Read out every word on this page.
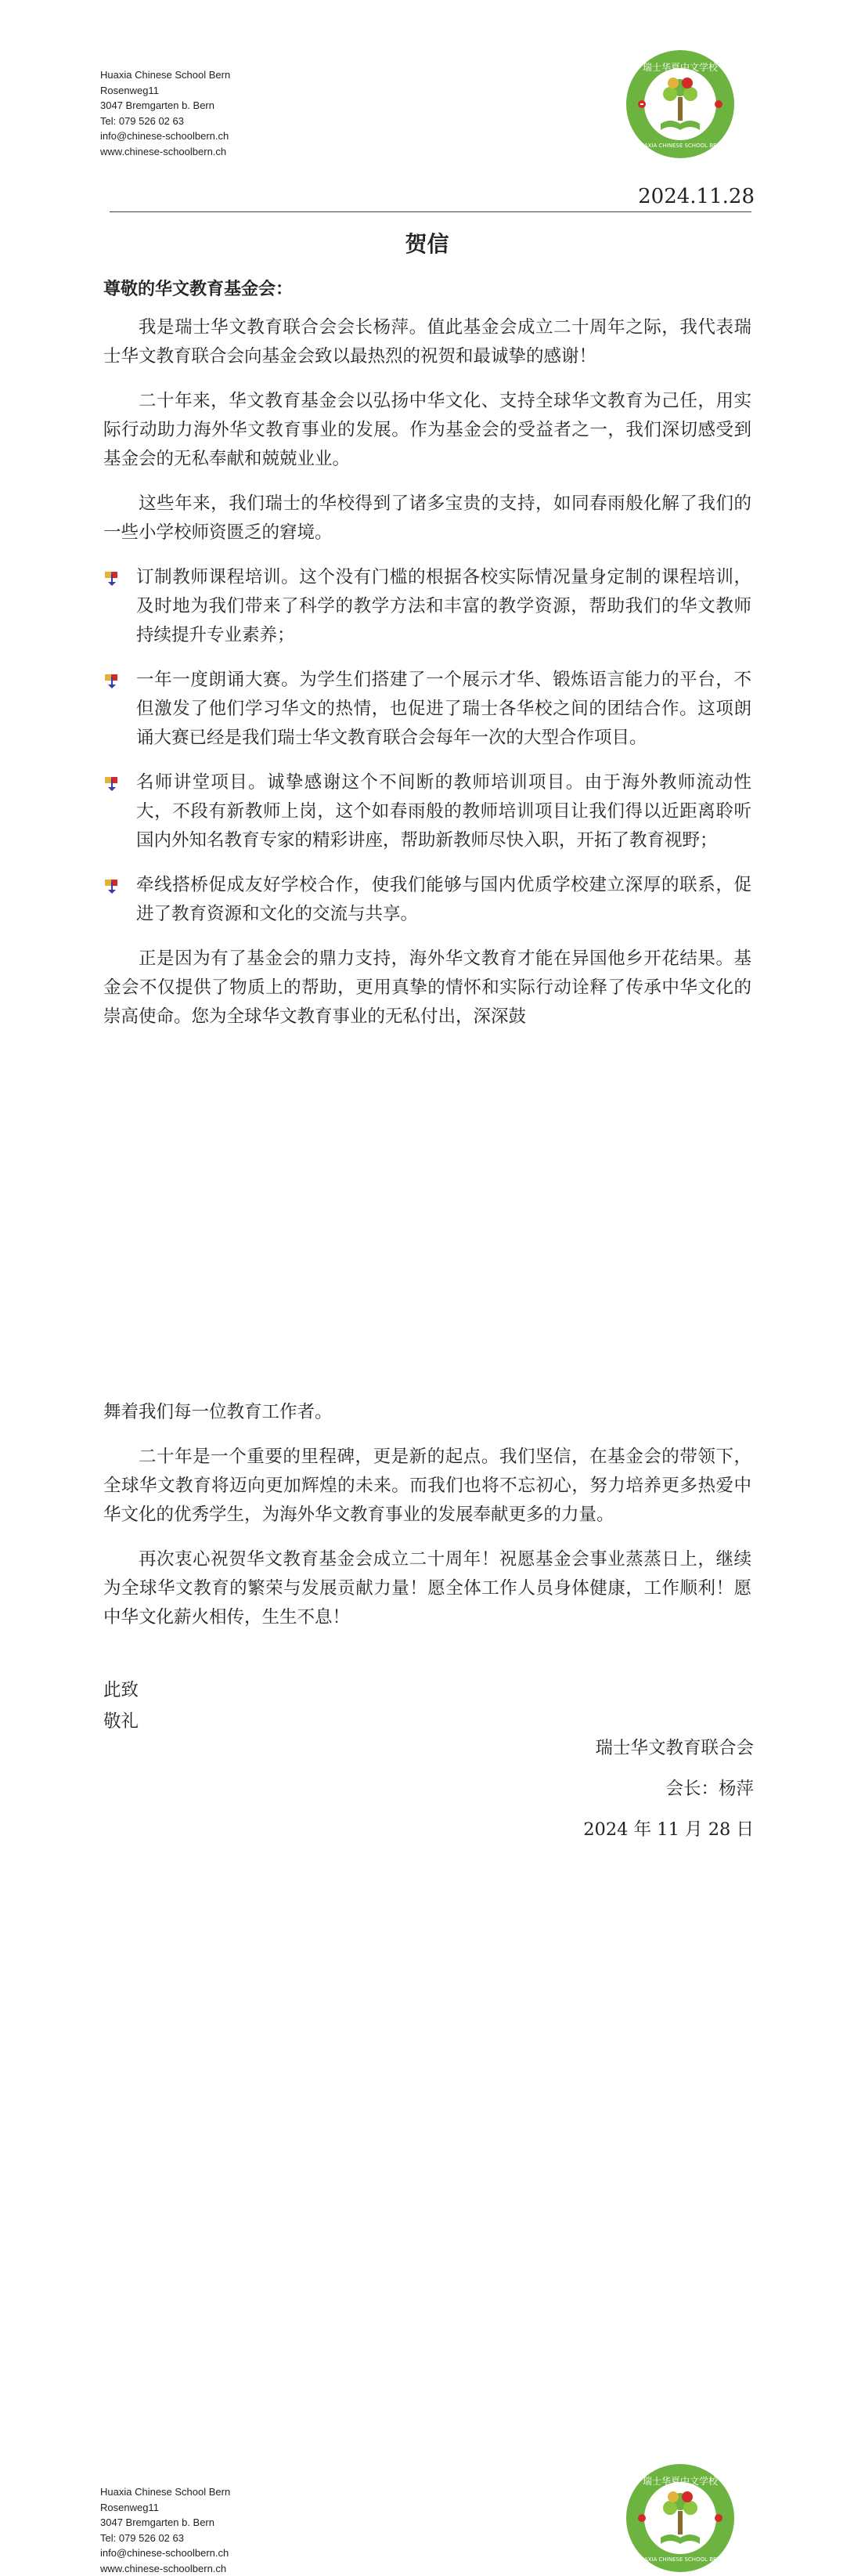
Huaxia Chinese School Bern
Rosenweg11
3047 Bremgarten b. Bern
Tel: 079 526 02 63
info@chinese-schoolbern.ch
www.chinese-schoolbern.ch
瑞士华夏中文学校
HUAXIA CHINESE SCHOOL BERN
2024.11.28
贺信
尊敬的华文教育基金会：

我是瑞士华文教育联合会会长杨萍。值此基金会成立二十周年之际，我代表瑞士华文教育联合会向基金会致以最热烈的祝贺和最诚挚的感谢！

二十年来，华文教育基金会以弘扬中华文化、支持全球华文教育为己任，用实际行动助力海外华文教育事业的发展。作为基金会的受益者之一，我们深切感受到基金会的无私奉献和兢兢业业。

这些年来，我们瑞士的华校得到了诸多宝贵的支持，如同春雨般化解了我们的一些小学校师资匮乏的窘境。

订制教师课程培训。这个没有门槛的根据各校实际情况量身定制的课程培训，及时地为我们带来了科学的教学方法和丰富的教学资源，帮助我们的华文教师持续提升专业素养；
一年一度朗诵大赛。为学生们搭建了一个展示才华、锻炼语言能力的平台，不但激发了他们学习华文的热情，也促进了瑞士各华校之间的团结合作。这项朗诵大赛已经是我们瑞士华文教育联合会每年一次的大型合作项目。
名师讲堂项目。诚挚感谢这个不间断的教师培训项目。由于海外教师流动性大，不段有新教师上岗，这个如春雨般的教师培训项目让我们得以近距离聆听国内外知名教育专家的精彩讲座，帮助新教师尽快入职，开拓了教育视野；
牵线搭桥促成友好学校合作，使我们能够与国内优质学校建立深厚的联系，促进了教育资源和文化的交流与共享。

正是因为有了基金会的鼎力支持，海外华文教育才能在异国他乡开花结果。基金会不仅提供了物质上的帮助，更用真挚的情怀和实际行动诠释了传承中华文化的崇高使命。您为全球华文教育事业的无私付出，深深鼓

Huaxia Chinese School Bern
Rosenweg11
3047 Bremgarten b. Bern
Tel: 079 526 02 63
info@chinese-schoolbern.ch
www.chinese-schoolbern.ch
瑞士华夏中文学校
HUAXIA CHINESE SCHOOL BERN

舞着我们每一位教育工作者。

二十年是一个重要的里程碑，更是新的起点。我们坚信，在基金会的带领下，全球华文教育将迈向更加辉煌的未来。而我们也将不忘初心，努力培养更多热爱中华文化的优秀学生，为海外华文教育事业的发展奉献更多的力量。

再次衷心祝贺华文教育基金会成立二十周年！祝愿基金会事业蒸蒸日上，继续为全球华文教育的繁荣与发展贡献力量！愿全体工作人员身体健康，工作顺利！愿中华文化薪火相传，生生不息！

此致
敬礼
瑞士华文教育联合会
会长：杨萍
2024 年 11 月 28 日
